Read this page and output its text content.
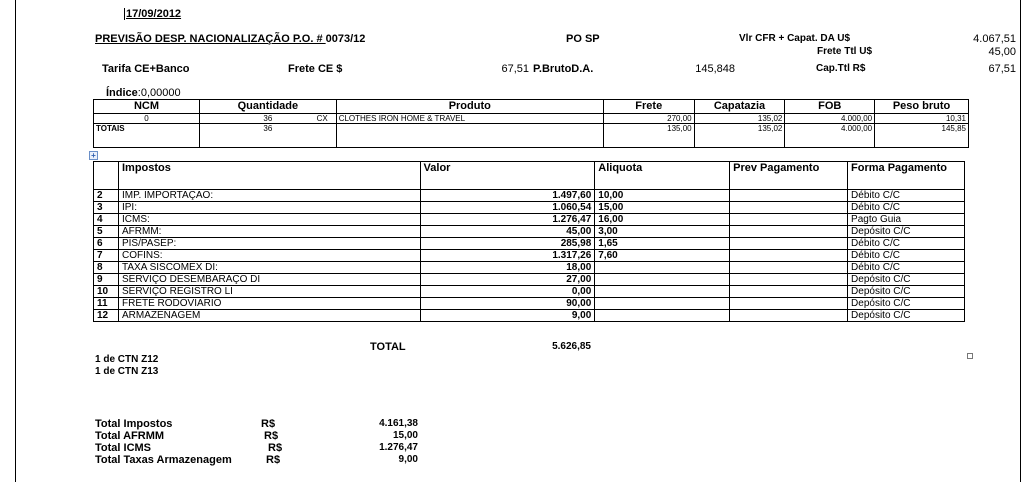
17/09/2012
PREVISÃO DESP. NACIONALIZAÇÃO P.O. # 0073/12	PO SP	Vlr CFR + Capat. DA U$	4.067,51
Frete Ttl U$	45,00
Tarifa CE+Banco	Frete CE $	67,51 P.BrutoD.A.	145,848	Cap.Ttl R$	67,51
Índice:0,00000
NCM	Quantidade	Produto	Frete	Capatazia	FOB	Peso bruto
0	36 CX	CLOTHES IRON HOME & TRAVEL	270,00	135,02	4.000,00	10,31
TOTAIS	36		135,00	135,02	4.000,00	145,85
+
	Impostos	Valor	Aliquota	Prev Pagamento	Forma Pagamento
2	IMP. IMPORTAÇAO:	1.497,60	10,00		Débito C/C
3	IPI:	1.060,54	15,00		Débito C/C
4	ICMS:	1.276,47	16,00		Pagto Guia
5	AFRMM:	45,00	3,00		Depósito C/C
6	PIS/PASEP:	285,98	1,65		Débito C/C
7	COFINS:	1.317,26	7,60		Débito C/C
8	TAXA SISCOMEX DI:	18,00			Débito C/C
9	SERVIÇO DESEMBARAÇO DI	27,00			Depósito C/C
10	SERVIÇO REGISTRO LI	0,00			Depósito C/C
11	FRETE RODOVIARIO	90,00			Depósito C/C
12	ARMAZENAGEM	9,00			Depósito C/C
TOTAL	5.626,85
1 de CTN Z12
1 de CTN Z13
Total Impostos	R$	4.161,38
Total AFRMM	R$	15,00
Total ICMS	R$	1.276,47
Total Taxas Armazenagem	R$	9,00
